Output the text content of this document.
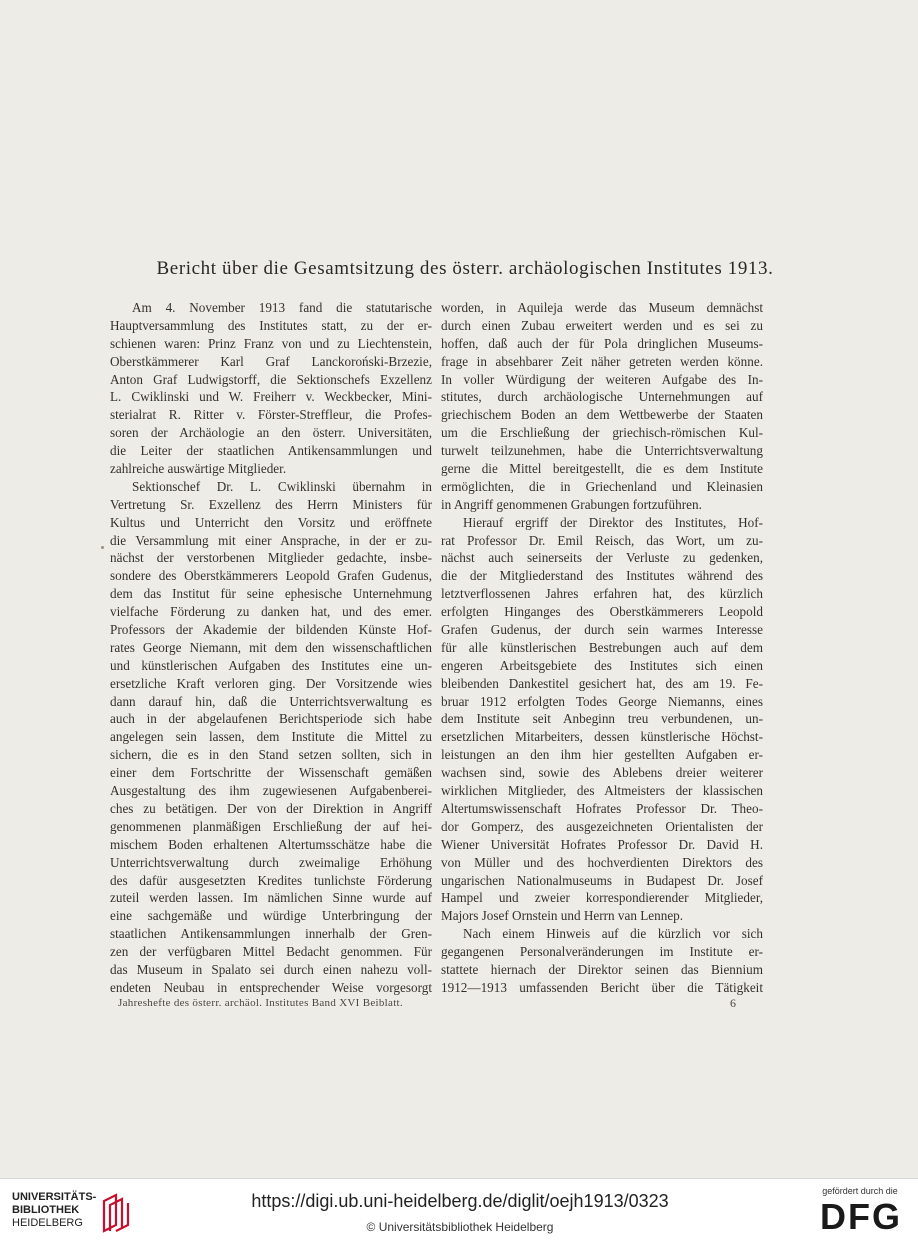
Bericht über die Gesamtsitzung des österr. archäologischen Institutes 1913.
Am 4. November 1913 fand die statutarische
Hauptversammlung des Institutes statt, zu der er-
schienen waren: Prinz Franz von und zu Liechtenstein,
Oberstkämmerer Karl Graf Lanckoroński-Brzezie,
Anton Graf Ludwigstorff, die Sektionschefs Exzellenz
L. Cwiklinski und W. Freiherr v. Weckbecker, Mini-
sterialrat R. Ritter v. Förster-Streffleur, die Profes-
soren der Archäologie an den österr. Universitäten,
die Leiter der staatlichen Antikensammlungen und
zahlreiche auswärtige Mitglieder.
Sektionschef Dr. L. Cwiklinski übernahm in
Vertretung Sr. Exzellenz des Herrn Ministers für
Kultus und Unterricht den Vorsitz und eröffnete
die Versammlung mit einer Ansprache, in der er zu-
nächst der verstorbenen Mitglieder gedachte, insbe-
sondere des Oberstkämmerers Leopold Grafen Gudenus,
dem das Institut für seine ephesische Unternehmung
vielfache Förderung zu danken hat, und des emer.
Professors der Akademie der bildenden Künste Hof-
rates George Niemann, mit dem den wissenschaftlichen
und künstlerischen Aufgaben des Institutes eine un-
ersetzliche Kraft verloren ging. Der Vorsitzende wies
dann darauf hin, daß die Unterrichtsverwaltung es
auch in der abgelaufenen Berichtsperiode sich habe
angelegen sein lassen, dem Institute die Mittel zu
sichern, die es in den Stand setzen sollten, sich in
einer dem Fortschritte der Wissenschaft gemäßen
Ausgestaltung des ihm zugewiesenen Aufgabenberei-
ches zu betätigen. Der von der Direktion in Angriff
genommenen planmäßigen Erschließung der auf hei-
mischem Boden erhaltenen Altertumsschätze habe die
Unterrichtsverwaltung durch zweimalige Erhöhung
des dafür ausgesetzten Kredites tunlichste Förderung
zuteil werden lassen. Im nämlichen Sinne wurde auf
eine sachgemäße und würdige Unterbringung der
staatlichen Antikensammlungen innerhalb der Gren-
zen der verfügbaren Mittel Bedacht genommen. Für
das Museum in Spalato sei durch einen nahezu voll-
endeten Neubau in entsprechender Weise vorgesorgt
worden, in Aquileja werde das Museum demnächst
durch einen Zubau erweitert werden und es sei zu
hoffen, daß auch der für Pola dringlichen Museums-
frage in absehbarer Zeit näher getreten werden könne.
In voller Würdigung der weiteren Aufgabe des In-
stitutes, durch archäologische Unternehmungen auf
griechischem Boden an dem Wettbewerbe der Staaten
um die Erschließung der griechisch-römischen Kul-
turwelt teilzunehmen, habe die Unterrichtsverwaltung
gerne die Mittel bereitgestellt, die es dem Institute
ermöglichten, die in Griechenland und Kleinasien
in Angriff genommenen Grabungen fortzuführen.
Hierauf ergriff der Direktor des Institutes, Hof-
rat Professor Dr. Emil Reisch, das Wort, um zu-
nächst auch seinerseits der Verluste zu gedenken,
die der Mitgliederstand des Institutes während des
letztverflossenen Jahres erfahren hat, des kürzlich
erfolgten Hinganges des Oberstkämmerers Leopold
Grafen Gudenus, der durch sein warmes Interesse
für alle künstlerischen Bestrebungen auch auf dem
engeren Arbeitsgebiete des Institutes sich einen
bleibenden Dankestitel gesichert hat, des am 19. Fe-
bruar 1912 erfolgten Todes George Niemanns, eines
dem Institute seit Anbeginn treu verbundenen, un-
ersetzlichen Mitarbeiters, dessen künstlerische Höchst-
leistungen an den ihm hier gestellten Aufgaben er-
wachsen sind, sowie des Ablebens dreier weiterer
wirklichen Mitglieder, des Altmeisters der klassischen
Altertumswissenschaft Hofrates Professor Dr. Theo-
dor Gomperz, des ausgezeichneten Orientalisten der
Wiener Universität Hofrates Professor Dr. David H.
von Müller und des hochverdienten Direktors des
ungarischen Nationalmuseums in Budapest Dr. Josef
Hampel und zweier korrespondierender Mitglieder,
Majors Josef Ornstein und Herrn van Lennep.
Nach einem Hinweis auf die kürzlich vor sich
gegangenen Personalveränderungen im Institute er-
stattete hiernach der Direktor seinen das Biennium
1912—1913 umfassenden Bericht über die Tätigkeit
Jahreshefte des österr. archäol. Institutes Band XVI Beiblatt.	6
UNIVERSITÄTS-
BIBLIOTHEK
HEIDELBERG
https://digi.ub.uni-heidelberg.de/diglit/oejh1913/0323
© Universitätsbibliothek Heidelberg
gefördert durch die
DFG
